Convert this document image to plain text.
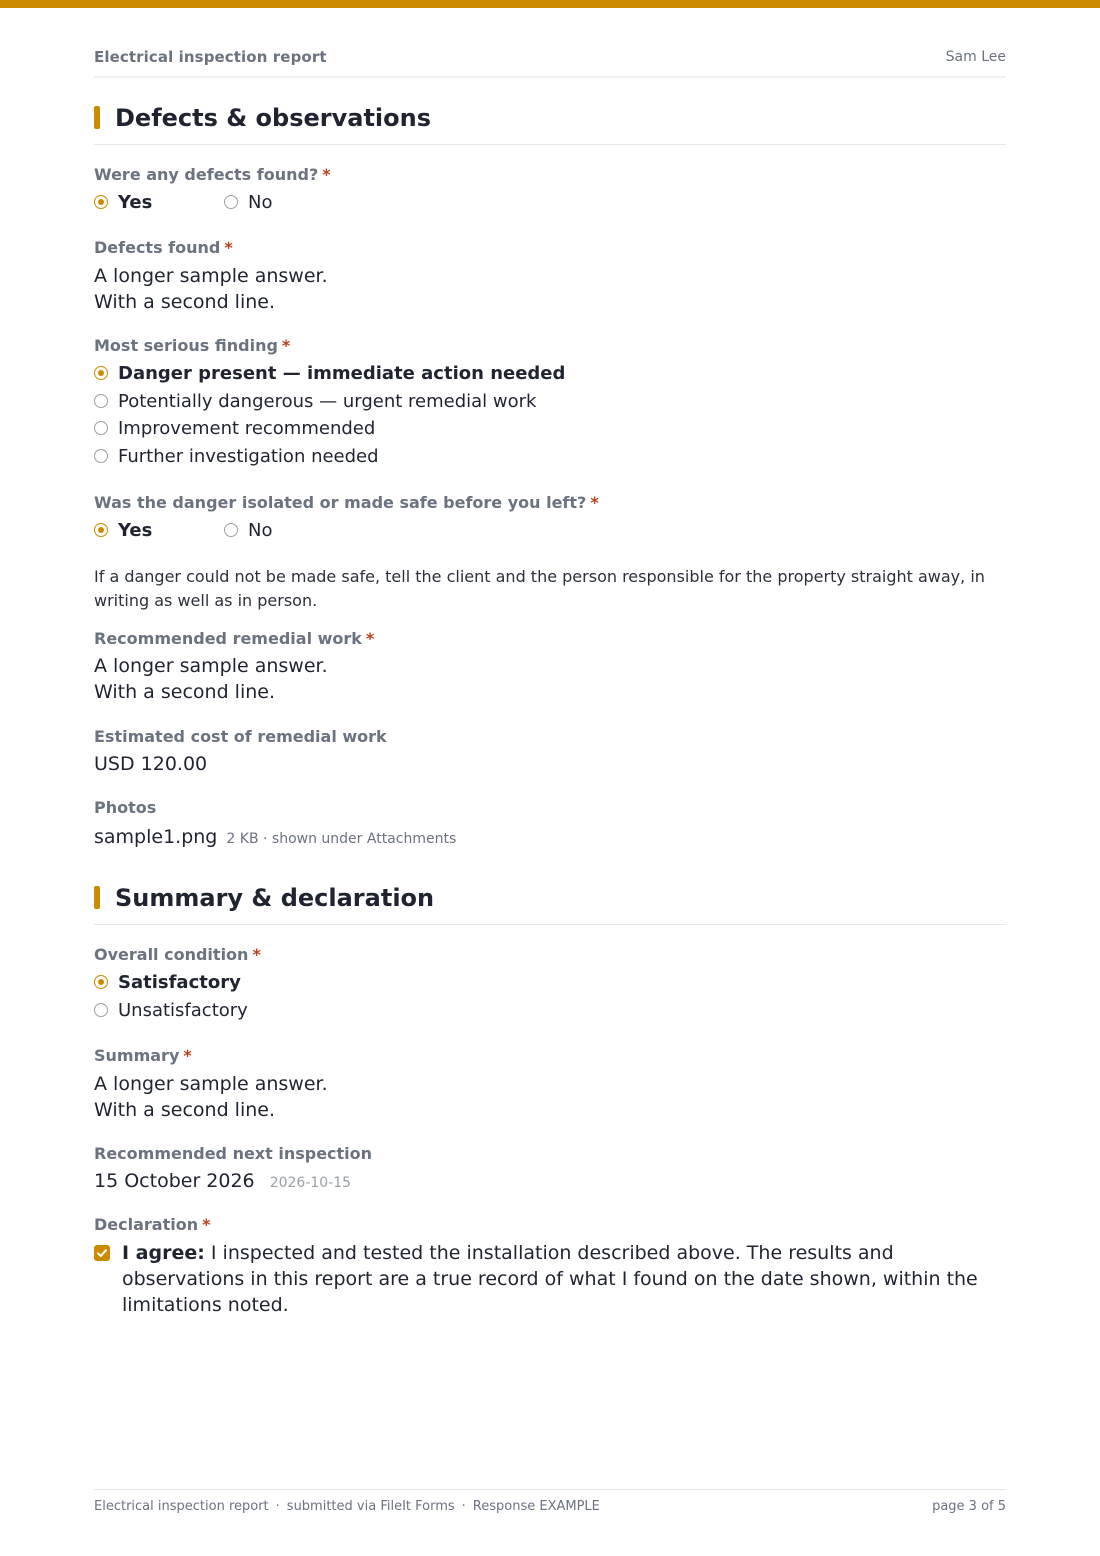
Electrical inspection report	Sam Lee
Defects & observations
Were any defects found? *
Yes	No
Defects found *
A longer sample answer.
With a second line.
Most serious finding *
Danger present — immediate action needed
Potentially dangerous — urgent remedial work
Improvement recommended
Further investigation needed
Was the danger isolated or made safe before you left? *
Yes	No
If a danger could not be made safe, tell the client and the person responsible for the property straight away, in writing as well as in person.
Recommended remedial work *
A longer sample answer.
With a second line.
Estimated cost of remedial work
USD 120.00
Photos
sample1.png 2 KB · shown under Attachments
Summary & declaration
Overall condition *
Satisfactory
Unsatisfactory
Summary *
A longer sample answer.
With a second line.
Recommended next inspection
15 October 2026 2026-10-15
Declaration *
I agree: I inspected and tested the installation described above. The results and observations in this report are a true record of what I found on the date shown, within the limitations noted.
Electrical inspection report · submitted via FileIt Forms · Response EXAMPLE	page 3 of 5
